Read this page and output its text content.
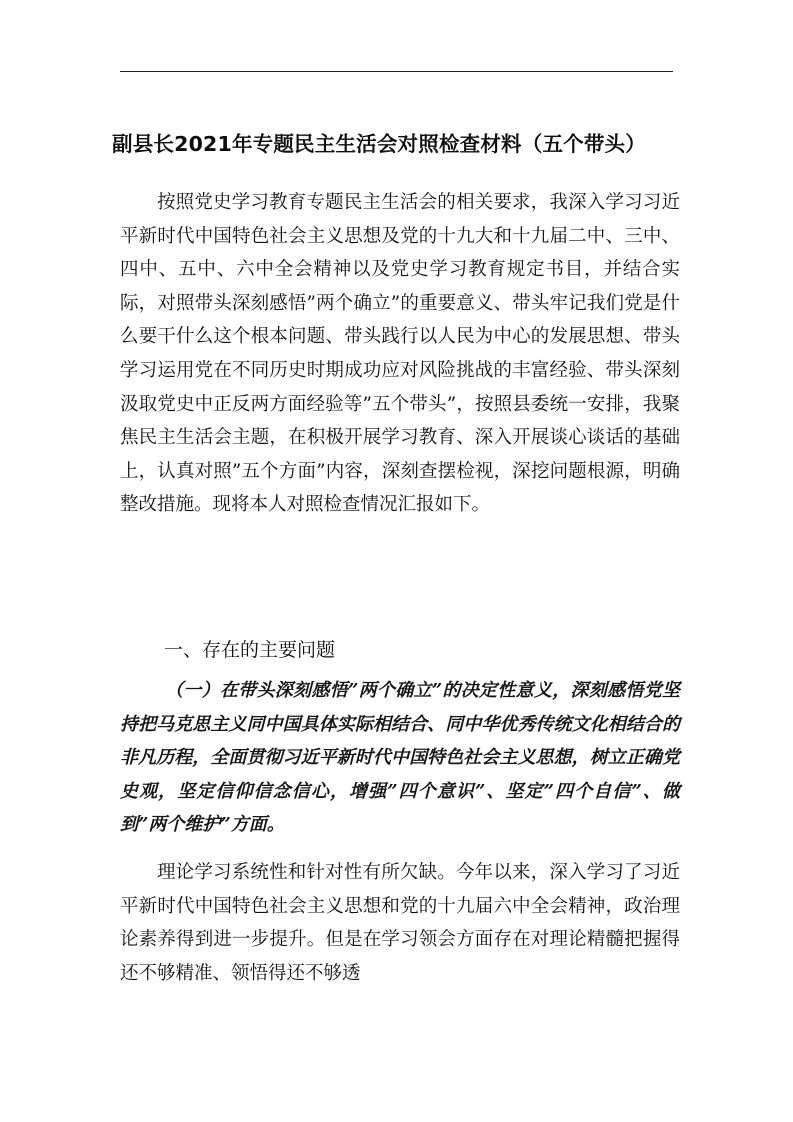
副县长2021年专题民主生活会对照检查材料（五个带头）

按照党史学习教育专题民主生活会的相关要求，我深入学习习近平新时代中国特色社会主义思想及党的十九大和十九届二中、三中、四中、五中、六中全会精神以及党史学习教育规定书目，并结合实际，对照带头深刻感悟”两个确立”的重要意义、带头牢记我们党是什么要干什么这个根本问题、带头践行以人民为中心的发展思想、带头学习运用党在不同历史时期成功应对风险挑战的丰富经验、带头深刻汲取党史中正反两方面经验等”五个带头”，按照县委统一安排，我聚焦民主生活会主题，在积极开展学习教育、深入开展谈心谈话的基础上，认真对照”五个方面”内容，深刻查摆检视，深挖问题根源，明确整改措施。现将本人对照检查情况汇报如下。

一、存在的主要问题

（一）在带头深刻感悟”两个确立”的决定性意义，深刻感悟党坚持把马克思主义同中国具体实际相结合、同中华优秀传统文化相结合的非凡历程，全面贯彻习近平新时代中国特色社会主义思想，树立正确党史观，坚定信仰信念信心，增强”四个意识”、坚定”四个自信”、做到”两个维护”方面。

理论学习系统性和针对性有所欠缺。今年以来，深入学习了习近平新时代中国特色社会主义思想和党的十九届六中全会精神，政治理论素养得到进一步提升。但是在学习领会方面存在对理论精髓把握得还不够精准、领悟得还不够透
